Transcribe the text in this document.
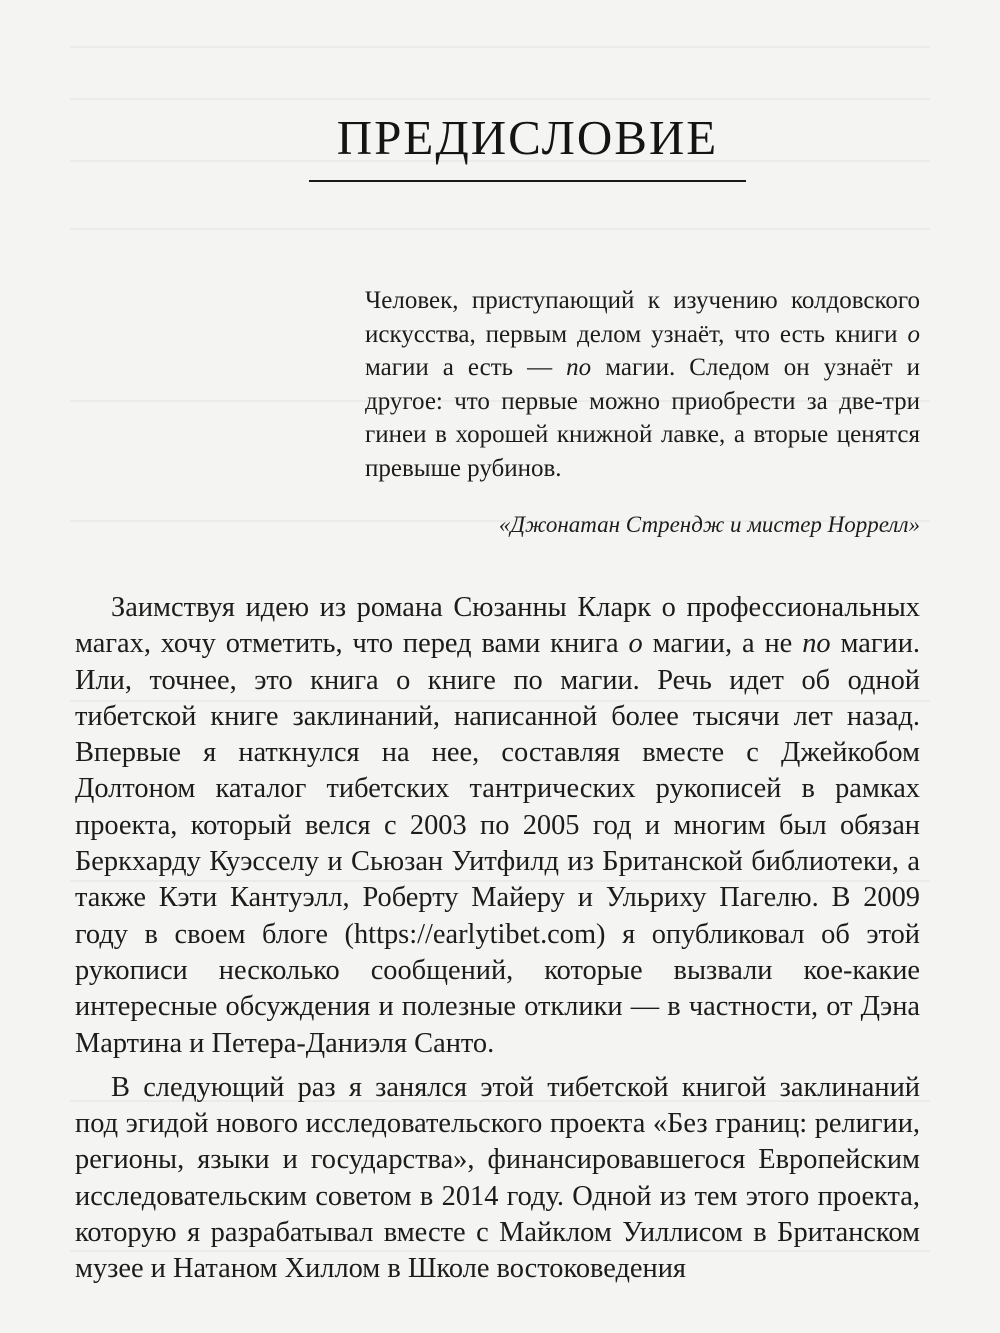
ПРЕДИСЛОВИЕ

Человек, приступающий к изучению колдовского искусства, первым делом узнаёт, что есть книги о магии а есть — по магии. Следом он узнаёт и другое: что первые можно приобрести за две-три гинеи в хорошей книжной лавке, а вторые ценятся превыше рубинов.

«Джонатан Стрендж и мистер Норрелл»

Заимствуя идею из романа Сюзанны Кларк о профессиональных магах, хочу отметить, что перед вами книга о магии, а не по магии. Или, точнее, это книга о книге по магии. Речь идет об одной тибетской книге заклинаний, написанной более тысячи лет назад. Впервые я наткнулся на нее, составляя вместе с Джейкобом Долтоном каталог тибетских тантрических рукописей в рамках проекта, который велся с 2003 по 2005 год и многим был обязан Беркхарду Куэсселу и Сьюзан Уитфилд из Британской библиотеки, а также Кэти Кантуэлл, Роберту Майеру и Ульриху Пагелю. В 2009 году в своем блоге (https://earlytibet.com) я опубликовал об этой рукописи несколько сообщений, которые вызвали кое-какие интересные обсуждения и полезные отклики — в частности, от Дэна Мартина и Петера-Даниэля Санто.

В следующий раз я занялся этой тибетской книгой заклинаний под эгидой нового исследовательского проекта «Без границ: религии, регионы, языки и государства», финансировавшегося Европейским исследовательским советом в 2014 году. Одной из тем этого проекта, которую я разрабатывал вместе с Майклом Уиллисом в Британском музее и Натаном Хиллом в Школе востоковедения
